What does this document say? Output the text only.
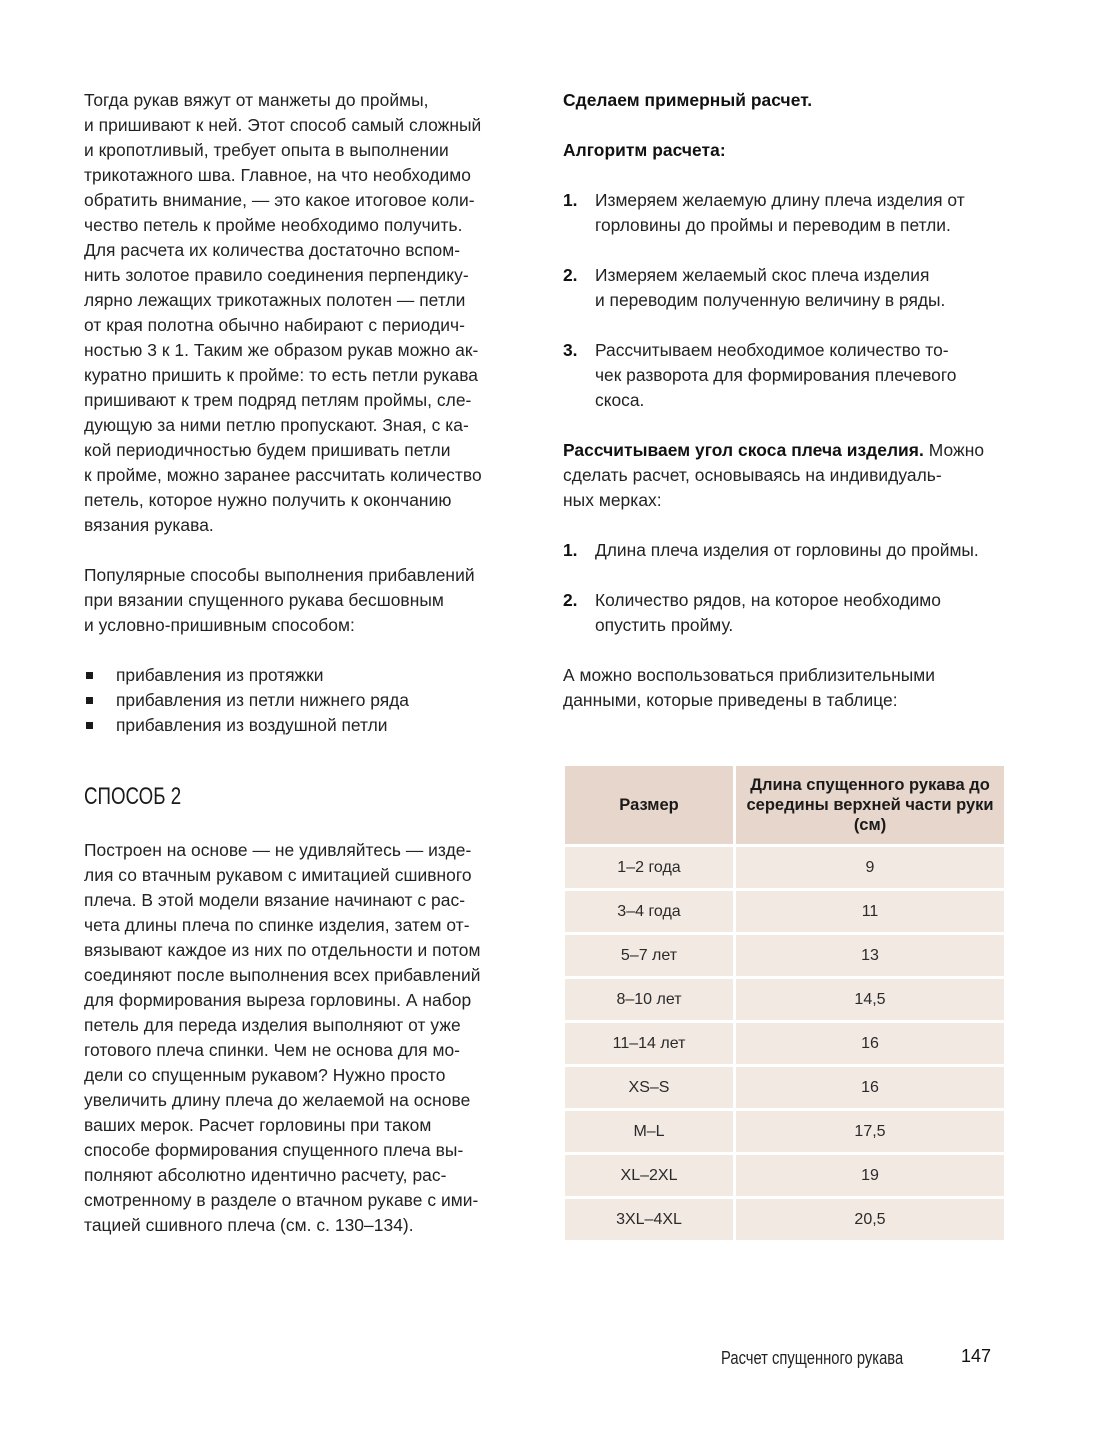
Тогда рукав вяжут от манжеты до проймы,
и пришивают к ней. Этот способ самый сложный
и кропотливый, требует опыта в выполнении
трикотажного шва. Главное, на что необходимо
обратить внимание, — это какое итоговое коли-
чество петель к пройме необходимо получить.
Для расчета их количества достаточно вспом-
нить золотое правило соединения перпендику-
лярно лежащих трикотажных полотен — петли
от края полотна обычно набирают с периодич-
ностью 3 к 1. Таким же образом рукав можно ак-
куратно пришить к пройме: то есть петли рукава
пришивают к трем подряд петлям проймы, сле-
дующую за ними петлю пропускают. Зная, с ка-
кой периодичностью будем пришивать петли
к пройме, можно заранее рассчитать количество
петель, которое нужно получить к окончанию
вязания рукава.

Популярные способы выполнения прибавлений
при вязании спущенного рукава бесшовным
и условно-пришивным способом:

прибавления из протяжки
прибавления из петли нижнего ряда
прибавления из воздушной петли
СПОСОБ 2

Построен на основе — не удивляйтесь — изде-
лия со втачным рукавом с имитацией сшивного
плеча. В этой модели вязание начинают с рас-
чета длины плеча по спинке изделия, затем от-
вязывают каждое из них по отдельности и потом
соединяют после выполнения всех прибавлений
для формирования выреза горловины. А набор
петель для переда изделия выполняют от уже
готового плеча спинки. Чем не основа для мо-
дели со спущенным рукавом? Нужно просто
увеличить длину плеча до желаемой на основе
ваших мерок. Расчет горловины при таком
способе формирования спущенного плеча вы-
полняют абсолютно идентично расчету, рас-
смотренному в разделе о втачном рукаве с ими-
тацией сшивного плеча (см. с. 130–134).

Сделаем примерный расчет.

Алгоритм расчета:

1. Измеряем желаемую длину плеча изделия от
горловины до проймы и переводим в петли.
2. Измеряем желаемый скос плеча изделия
и переводим полученную величину в ряды.
3. Рассчитываем необходимое количество то-
чек разворота для формирования плечевого
скоса.

Рассчитываем угол скоса плеча изделия. Можно
сделать расчет, основываясь на индивидуаль-
ных мерках:

1. Длина плеча изделия от горловины до проймы.
2. Количество рядов, на которое необходимо
опустить пройму.

А можно воспользоваться приблизительными
данными, которые приведены в таблице:

Размер	Длина спущенного рукава до середины верхней части руки (см)
1–2 года	9
3–4 года	11
5–7 лет	13
8–10 лет	14,5
11–14 лет	16
XS–S	16
M–L	17,5
XL–2XL	19
3XL–4XL	20,5
Расчет спущенного рукава	147
